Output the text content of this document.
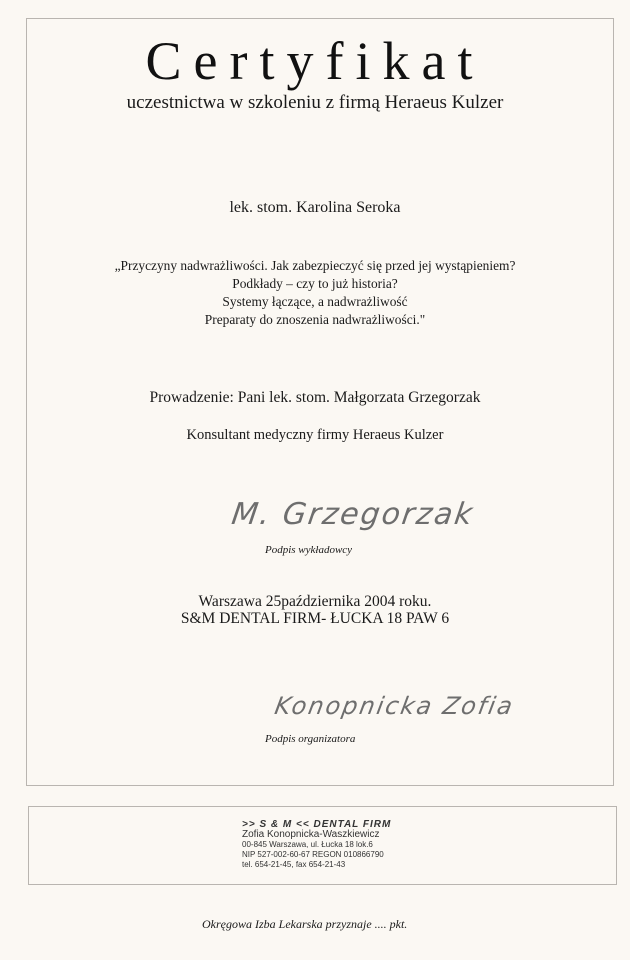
Certyfikat
uczestnictwa w szkoleniu z firmą Heraeus Kulzer
lek. stom. Karolina Seroka
„Przyczyny nadwrażliwości. Jak zabezpieczyć się przed jej wystąpieniem?
Podkłady – czy to już historia?
Systemy łączące, a nadwrażliwość
Preparaty do znoszenia nadwrażliwości."
Prowadzenie: Pani lek. stom. Małgorzata Grzegorzak
Konsultant medyczny firmy Heraeus Kulzer
M. Grzegorzak
Podpis wykładowcy
Warszawa 25października 2004 roku.
S&M DENTAL FIRM- ŁUCKA 18 PAW 6
Konopnicka Zofia
Podpis organizatora
>> S & M << DENTAL FIRM
Zofia Konopnicka-Waszkiewicz
00-845 Warszawa, ul. Łucka 18 lok.6
NIP 527-002-60-67 REGON 010866790
tel. 654-21-45, fax 654-21-43
Okręgowa Izba Lekarska przyznaje .... pkt.
